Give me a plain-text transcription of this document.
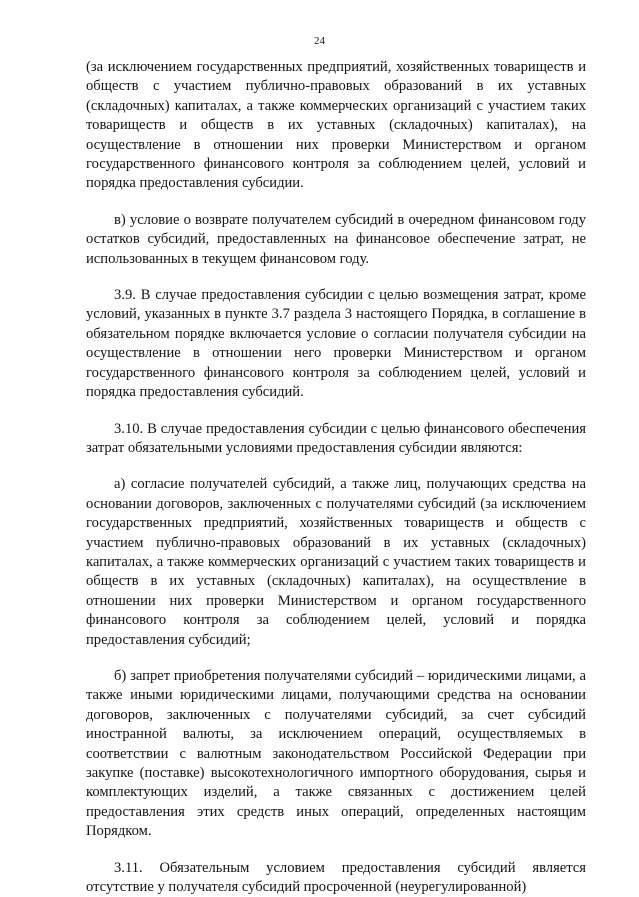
24

(за исключением государственных предприятий, хозяйственных товариществ и обществ с участием публично-правовых образований в их уставных (складочных) капиталах, а также коммерческих организаций с участием таких товариществ и обществ в их уставных (складочных) капиталах), на осуществление в отношении них проверки Министерством и органом государственного финансового контроля за соблюдением целей, условий и порядка предоставления субсидии.

в) условие о возврате получателем субсидий в очередном финансовом году остатков субсидий, предоставленных на финансовое обеспечение затрат, не использованных в текущем финансовом году.

3.9. В случае предоставления субсидии с целью возмещения затрат, кроме условий, указанных в пункте 3.7 раздела 3 настоящего Порядка, в соглашение в обязательном порядке включается условие о согласии получателя субсидии на осуществление в отношении него проверки Министерством и органом государственного финансового контроля за соблюдением целей, условий и порядка предоставления субсидий.

3.10. В случае предоставления субсидии с целью финансового обеспечения затрат обязательными условиями предоставления субсидии являются:

а) согласие получателей субсидий, а также лиц, получающих средства на основании договоров, заключенных с получателями субсидий (за исключением государственных предприятий, хозяйственных товариществ и обществ с участием публично-правовых образований в их уставных (складочных) капиталах, а также коммерческих организаций с участием таких товариществ и обществ в их уставных (складочных) капиталах), на осуществление в отношении них проверки Министерством и органом государственного финансового контроля за соблюдением целей, условий и порядка предоставления субсидий;

б) запрет приобретения получателями субсидий – юридическими лицами, а также иными юридическими лицами, получающими средства на основании договоров, заключенных с получателями субсидий, за счет субсидий иностранной валюты, за исключением операций, осуществляемых в соответствии с валютным законодательством Российской Федерации при закупке (поставке) высокотехнологичного импортного оборудования, сырья и комплектующих изделий, а также связанных с достижением целей предоставления этих средств иных операций, определенных настоящим Порядком.

3.11. Обязательным условием предоставления субсидий является отсутствие у получателя субсидий просроченной (неурегулированной)
